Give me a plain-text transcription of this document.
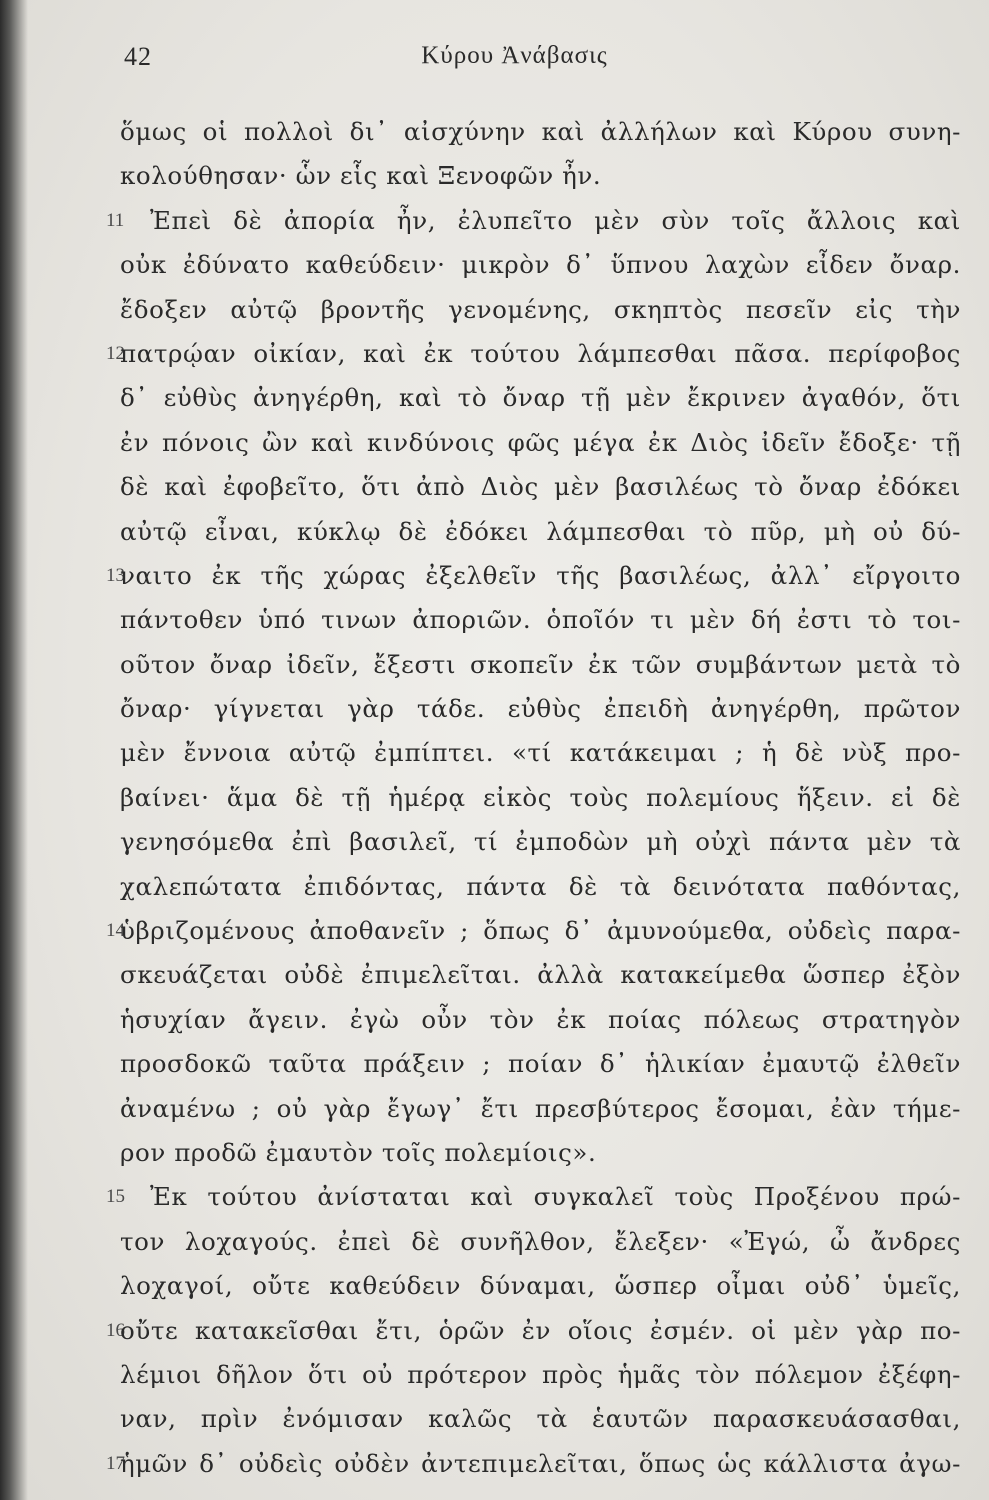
42	Κύρου Ἀνάβασις
ὅμως οἱ πολλοὶ δι᾽ αἰσχύνην καὶ ἀλλήλων καὶ Κύρου συνη-
κολούθησαν· ὧν εἷς καὶ Ξενοφῶν ἦν.
11	Ἐπεὶ δὲ ἀπορία ἦν, ἐλυπεῖτο μὲν σὺν τοῖς ἄλλοις καὶ
οὐκ ἐδύνατο καθεύδειν· μικρὸν δ᾽ ὕπνου λαχὼν εἶδεν ὄναρ.
ἔδοξεν αὐτῷ βροντῆς γενομένης, σκηπτὸς πεσεῖν εἰς τὴν
12
πατρῴαν οἰκίαν, καὶ ἐκ τούτου λάμπεσθαι πᾶσα. περίφοβος
δ᾽ εὐθὺς ἀνηγέρθη, καὶ τὸ ὄναρ τῇ μὲν ἔκρινεν ἀγαθόν, ὅτι
ἐν πόνοις ὢν καὶ κινδύνοις φῶς μέγα ἐκ Διὸς ἰδεῖν ἔδοξε· τῇ
δὲ καὶ ἐφοβεῖτο, ὅτι ἀπὸ Διὸς μὲν βασιλέως τὸ ὄναρ ἐδόκει
αὐτῷ εἶναι, κύκλῳ δὲ ἐδόκει λάμπεσθαι τὸ πῦρ, μὴ οὐ δύ-
13
ναιτο ἐκ τῆς χώρας ἐξελθεῖν τῆς βασιλέως, ἀλλ᾽ εἴργοιτο
πάντοθεν ὑπό τινων ἀποριῶν. ὁποῖόν τι μὲν δή ἐστι τὸ τοι-
οῦτον ὄναρ ἰδεῖν, ἔξεστι σκοπεῖν ἐκ τῶν συμβάντων μετὰ τὸ
ὄναρ· γίγνεται γὰρ τάδε. εὐθὺς ἐπειδὴ ἀνηγέρθη, πρῶτον
μὲν ἔννοια αὐτῷ ἐμπίπτει. «τί κατάκειμαι ; ἡ δὲ νὺξ προ-
βαίνει· ἅμα δὲ τῇ ἡμέρᾳ εἰκὸς τοὺς πολεμίους ἥξειν. εἰ δὲ
γενησόμεθα ἐπὶ βασιλεῖ, τί ἐμποδὼν μὴ οὐχὶ πάντα μὲν τὰ
χαλεπώτατα ἐπιδόντας, πάντα δὲ τὰ δεινότατα παθόντας,
14
ὑβριζομένους ἀποθανεῖν ; ὅπως δ᾽ ἀμυνούμεθα, οὐδεὶς παρα-
σκευάζεται οὐδὲ ἐπιμελεῖται. ἀλλὰ κατακείμεθα ὥσπερ ἐξὸν
ἡσυχίαν ἄγειν. ἐγὼ οὖν τὸν ἐκ ποίας πόλεως στρατηγὸν
προσδοκῶ ταῦτα πράξειν ; ποίαν δ᾽ ἡλικίαν ἐμαυτῷ ἐλθεῖν
ἀναμένω ; οὐ γὰρ ἔγωγ᾽ ἔτι πρεσβύτερος ἔσομαι, ἐὰν τήμε-
ρον προδῶ ἐμαυτὸν τοῖς πολεμίοις».
15	Ἐκ τούτου ἀνίσταται καὶ συγκαλεῖ τοὺς Προξένου πρώ-
τον λοχαγούς. ἐπεὶ δὲ συνῆλθον, ἔλεξεν· «Ἐγώ, ὦ ἄνδρες
λοχαγοί, οὔτε καθεύδειν δύναμαι, ὥσπερ οἶμαι οὐδ᾽ ὑμεῖς,
16
οὔτε κατακεῖσθαι ἔτι, ὁρῶν ἐν οἵοις ἐσμέν. οἱ μὲν γὰρ πο-
λέμιοι δῆλον ὅτι οὐ πρότερον πρὸς ἡμᾶς τὸν πόλεμον ἐξέφη-
ναν, πρὶν ἐνόμισαν καλῶς τὰ ἑαυτῶν παρασκευάσασθαι,
17
ἡμῶν δ᾽ οὐδεὶς οὐδὲν ἀντεπιμελεῖται, ὅπως ὡς κάλλιστα ἀγω-
